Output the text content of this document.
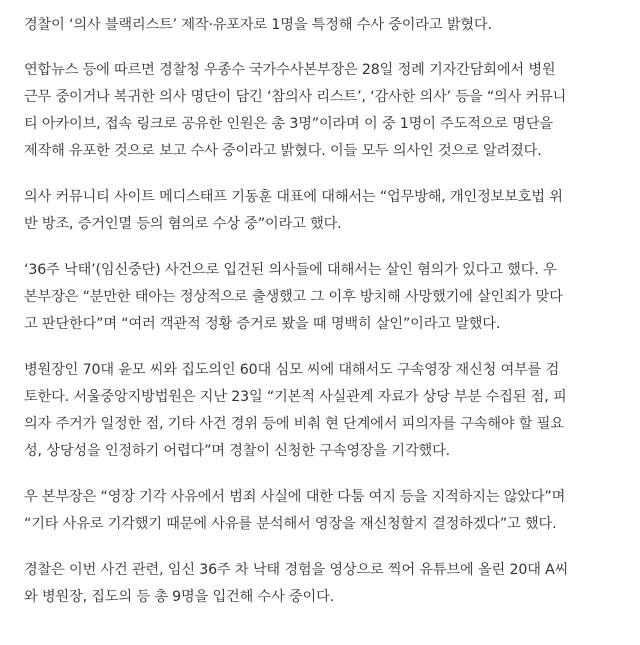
경찰이 ‘의사 블랙리스트’ 제작·유포자로 1명을 특정해 수사 중이라고 밝혔다.

연합뉴스 등에 따르면 경찰청 우종수 국가수사본부장은 28일 정례 기자간담회에서 병원
근무 중이거나 복귀한 의사 명단이 담긴 ‘참의사 리스트’, ‘감사한 의사’ 등을 “의사 커뮤니
티 아카이브, 접속 링크로 공유한 인원은 총 3명”이라며 이 중 1명이 주도적으로 명단을
제작해 유포한 것으로 보고 수사 중이라고 밝혔다. 이들 모두 의사인 것으로 알려졌다.

의사 커뮤니티 사이트 메디스태프 기동훈 대표에 대해서는 “업무방해, 개인정보보호법 위
반 방조, 증거인멸 등의 혐의로 수상 중”이라고 했다.

‘36주 낙태’(임신중단) 사건으로 입건된 의사들에 대해서는 살인 혐의가 있다고 했다. 우
본부장은 “분만한 태아는 정상적으로 출생했고 그 이후 방치해 사망했기에 살인죄가 맞다
고 판단한다”며 “여러 객관적 정황 증거로 봤을 때 명백히 살인”이라고 말했다.

병원장인 70대 윤모 씨와 집도의인 60대 심모 씨에 대해서도 구속영장 재신청 여부를 검
토한다. 서울중앙지방법원은 지난 23일 “기본적 사실관계 자료가 상당 부분 수집된 점, 피
의자 주거가 일정한 점, 기타 사건 경위 등에 비춰 현 단계에서 피의자를 구속해야 할 필요
성, 상당성을 인정하기 어렵다”며 경찰이 신청한 구속영장을 기각했다.

우 본부장은 “영장 기각 사유에서 범죄 사실에 대한 다툼 여지 등을 지적하지는 않았다”며
“기타 사유로 기각했기 때문에 사유를 분석해서 영장을 재신청할지 결정하겠다”고 했다.

경찰은 이번 사건 관련, 임신 36주 차 낙태 경험을 영상으로 찍어 유튜브에 올린 20대 A씨
와 병원장, 집도의 등 총 9명을 입건해 수사 중이다.
